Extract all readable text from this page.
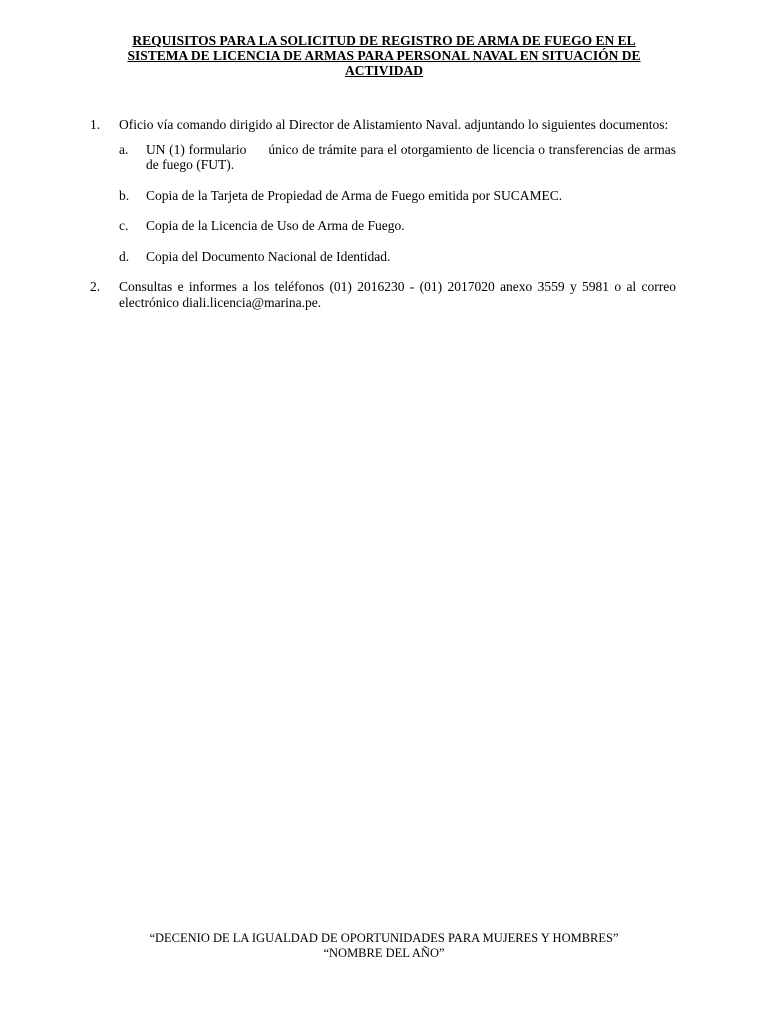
REQUISITOS PARA LA SOLICITUD DE REGISTRO DE ARMA DE FUEGO EN EL
SISTEMA DE LICENCIA DE ARMAS PARA PERSONAL NAVAL EN SITUACIÓN DE
ACTIVIDAD
1. Oficio vía comando dirigido al Director de Alistamiento Naval. adjuntando lo siguientes documentos:
a. UN (1) formulario      único de trámite para el otorgamiento de licencia o transferencias de armas de fuego (FUT).
b. Copia de la Tarjeta de Propiedad de Arma de Fuego emitida por SUCAMEC.
c. Copia de la Licencia de Uso de Arma de Fuego.
d. Copia del Documento Nacional de Identidad.
2. Consultas e informes a los teléfonos (01) 2016230 - (01) 2017020 anexo 3559 y 5981 o al correo electrónico diali.licencia@marina.pe.
“DECENIO DE LA IGUALDAD DE OPORTUNIDADES PARA MUJERES Y HOMBRES”
“NOMBRE DEL AÑO”
